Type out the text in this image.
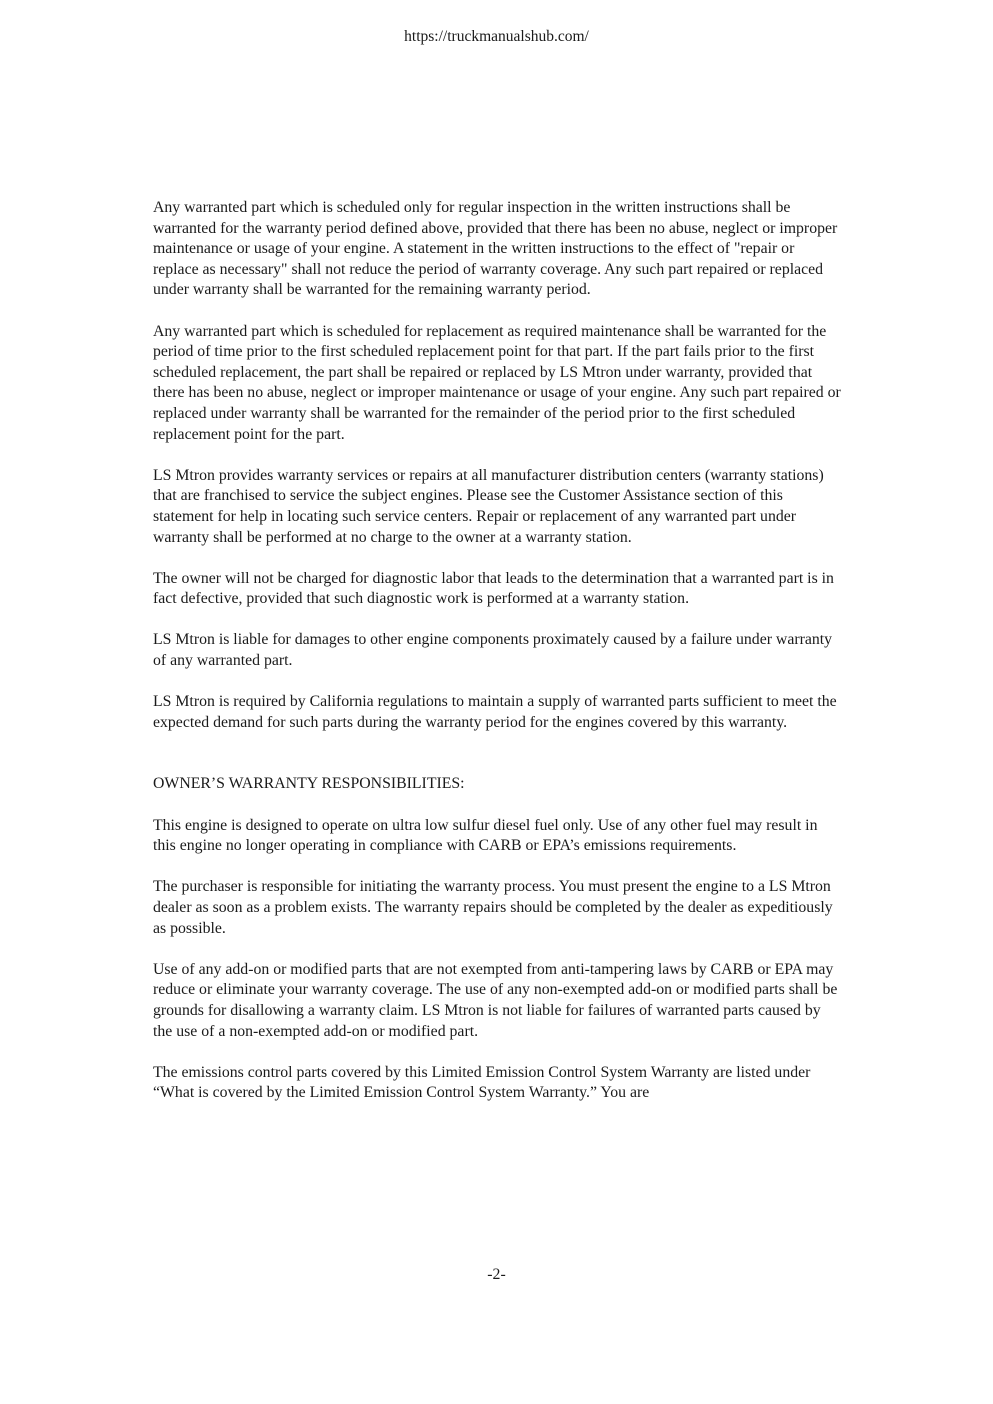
https://truckmanualshub.com/

Any warranted part which is scheduled only for regular inspection in the written instructions shall be warranted for the warranty period defined above, provided that there has been no abuse, neglect or improper maintenance or usage of your engine. A statement in the written instructions to the effect of "repair or replace as necessary" shall not reduce the period of warranty coverage. Any such part repaired or replaced under warranty shall be warranted for the remaining warranty period.

Any warranted part which is scheduled for replacement as required maintenance shall be warranted for the period of time prior to the first scheduled replacement point for that part. If the part fails prior to the first scheduled replacement, the part shall be repaired or replaced by LS Mtron under warranty, provided that there has been no abuse, neglect or improper maintenance or usage of your engine. Any such part repaired or replaced under warranty shall be warranted for the remainder of the period prior to the first scheduled replacement point for the part.

LS Mtron provides warranty services or repairs at all manufacturer distribution centers (warranty stations) that are franchised to service the subject engines. Please see the Customer Assistance section of this statement for help in locating such service centers. Repair or replacement of any warranted part under warranty shall be performed at no charge to the owner at a warranty station.

The owner will not be charged for diagnostic labor that leads to the determination that a warranted part is in fact defective, provided that such diagnostic work is performed at a warranty station.

LS Mtron is liable for damages to other engine components proximately caused by a failure under warranty of any warranted part.

LS Mtron is required by California regulations to maintain a supply of warranted parts sufficient to meet the expected demand for such parts during the warranty period for the engines covered by this warranty.

OWNER’S WARRANTY RESPONSIBILITIES:

This engine is designed to operate on ultra low sulfur diesel fuel only. Use of any other fuel may result in this engine no longer operating in compliance with CARB or EPA’s emissions requirements.

The purchaser is responsible for initiating the warranty process. You must present the engine to a LS Mtron dealer as soon as a problem exists. The warranty repairs should be completed by the dealer as expeditiously as possible.

Use of any add-on or modified parts that are not exempted from anti-tampering laws by CARB or EPA may reduce or eliminate your warranty coverage. The use of any non-exempted add-on or modified parts shall be grounds for disallowing a warranty claim. LS Mtron is not liable for failures of warranted parts caused by the use of a non-exempted add-on or modified part.

The emissions control parts covered by this Limited Emission Control System Warranty are listed under “What is covered by the Limited Emission Control System Warranty.” You are

-2-
